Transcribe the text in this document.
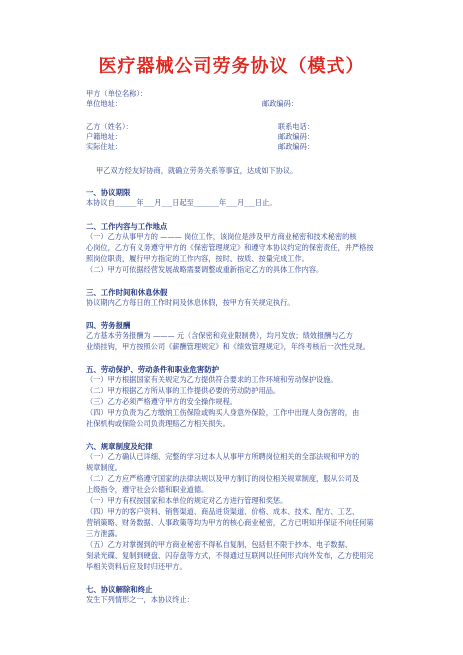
医疗器械公司劳务协议（模式）
甲方（单位名称）：
单位地址：	邮政编码：
乙方（姓名）：	联系电话：
户籍地址：	邮政编码：
实际住址：	邮政编码：
甲乙双方经友好协商，就确立劳务关系等事宜，达成如下协议。
一、协议期限
本协议自______年___月___日起至_______年___月___日止。
二、工作内容与工作地点
（一）乙方从事甲方的 ——— 岗位工作，该岗位是涉及甲方商业秘密和技术秘密的核
心岗位，乙方有义务遵守甲方的《保密管理规定》和遵守本协议约定的保密责任，并严格按
照岗位职责，履行甲方指定的工作内容，按时、按质、按量完成工作。
（二）甲方可依据经营发展战略需要调整或重新指定乙方的具体工作内容。
三、工作时间和休息休假
协议期内乙方每日的工作时间及休息休假，按甲方有关规定执行。
四、劳务报酬
乙方基本劳务报酬为 ——— 元（含保密和竞业限制费），均月发放；绩效报酬与乙方
业绩挂钩，甲方按照公司《薪酬管理规定》和《绩效管理规定》，年终考核后一次性兑现。
五、劳动保护、劳动条件和职业危害防护
（一）甲方根据国家有关规定为乙方提供符合要求的工作环境和劳动保护设施。
（二）甲方根据乙方所从事的工作提供必要的劳动防护用品。
（三）乙方必须严格遵守甲方的安全操作规程。
（四）甲方负责为乙方缴纳工伤保险或购买人身意外保险，工作中出现人身伤害的，由
社保机构或保险公司负责理赔乙方相关损失。
六、规章制度及纪律
（一）乙方确认已详细、完整的学习过本人从事甲方所聘岗位相关的全部法规和甲方的
规章制度。
（二）乙方应严格遵守国家的法律法规以及甲方制订的岗位相关规章制度，服从公司及
上级指令，遵守社会公德和职业道德。
（一）甲方有权按国家和本单位的规定对乙方进行管理和奖惩。
（四）甲方的客户资料、销售渠道、商品进货渠道、价格、成本、技术、配方、工艺、
营销策略、财务数据、人事政策等均为甲方的核心商业秘密，乙方已明知并保证不向任何第
三方泄露。
（五）乙方对掌握到的甲方商业秘密不得私自复制，包括但不限于抄本、电子数据、
刻录光碟、复制到硬盘、闪存盘等方式，不得通过互联网以任何形式向外发布，乙方使用完
毕相关资料后应及时归还甲方。
七、协议解除和终止
发生下列情形之一，本协议终止：
